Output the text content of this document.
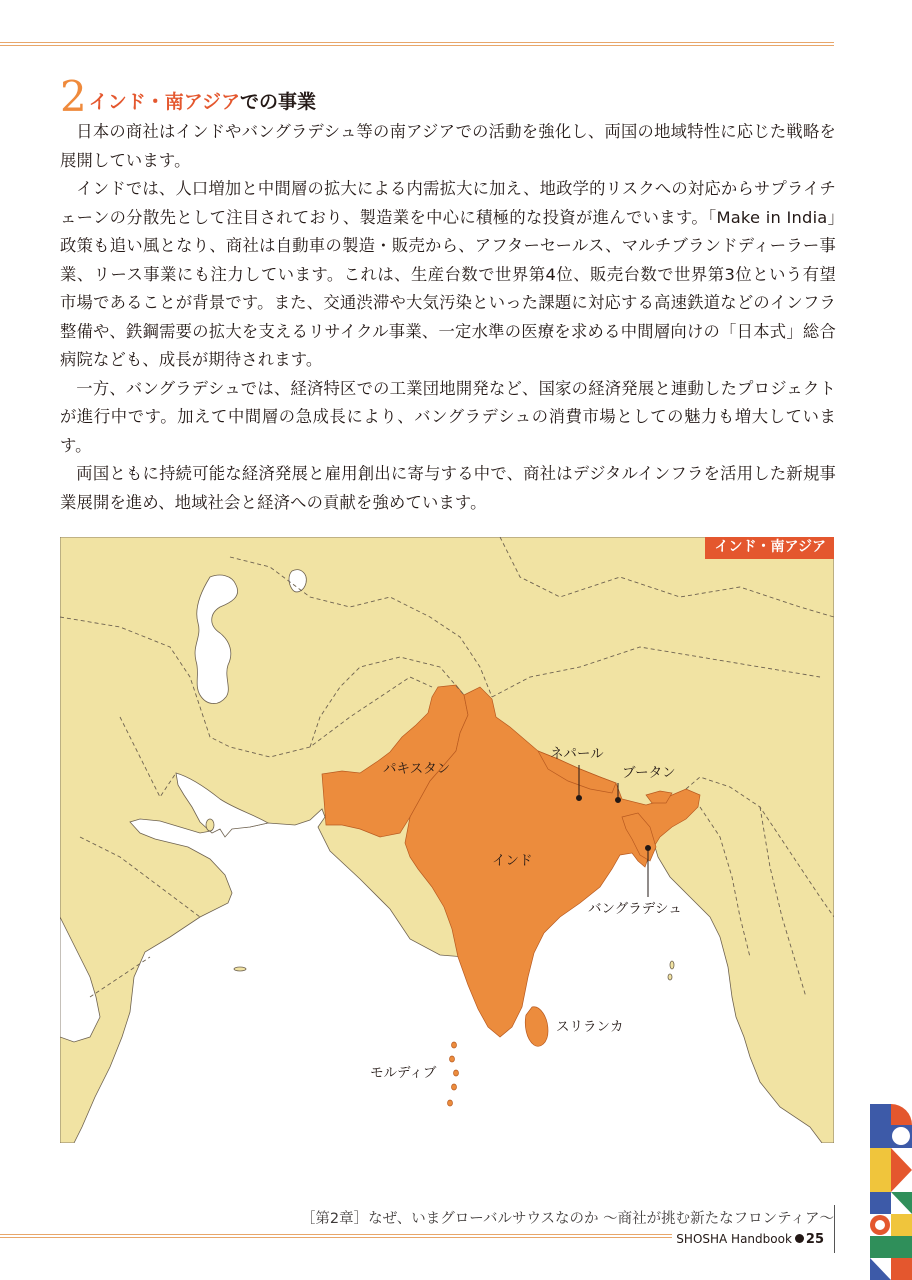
2 インド・南アジア での事業

日本の商社はインドやバングラデシュ等の南アジアでの活動を強化し、両国の地域特性に応じた戦略を展開しています。

インドでは、人口増加と中間層の拡大による内需拡大に加え、地政学的リスクへの対応からサプライチェーンの分散先として注目されており、製造業を中心に積極的な投資が進んでいます。「Make in India」政策も追い風となり、商社は自動車の製造・販売から、アフターセールス、マルチブランドディーラー事業、リース事業にも注力しています。これは、生産台数で世界第4位、販売台数で世界第3位という有望市場であることが背景です。また、交通渋滞や大気汚染といった課題に対応する高速鉄道などのインフラ整備や、鉄鋼需要の拡大を支えるリサイクル事業、一定水準の医療を求める中間層向けの「日本式」総合病院なども、成長が期待されます。

一方、バングラデシュでは、経済特区での工業団地開発など、国家の経済発展と連動したプロジェクトが進行中です。加えて中間層の急成長により、バングラデシュの消費市場としての魅力も増大しています。

両国ともに持続可能な経済発展と雇用創出に寄与する中で、商社はデジタルインフラを活用した新規事業展開を進め、地域社会と経済への貢献を強めています。

インド・南アジア
パキスタン
ネパール
ブータン
インド
バングラデシュ
スリランカ
モルディブ
［第2章］なぜ、いまグローバルサウスなのか ～商社が挑む新たなフロンティア～
SHOSHA Handbook 25
